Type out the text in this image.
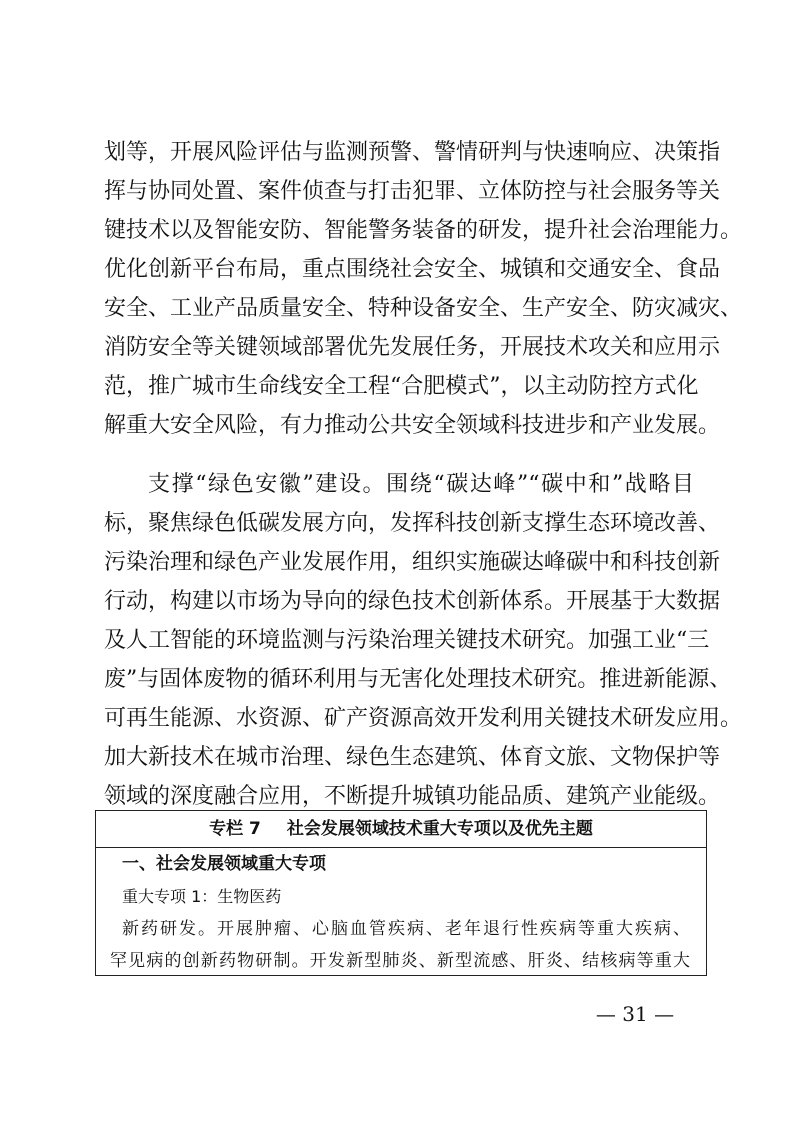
划等，开展风险评估与监测预警、警情研判与快速响应、决策指
挥与协同处置、案件侦查与打击犯罪、立体防控与社会服务等关
键技术以及智能安防、智能警务装备的研发，提升社会治理能力。
优化创新平台布局，重点围绕社会安全、城镇和交通安全、食品
安全、工业产品质量安全、特种设备安全、生产安全、防灾减灾、
消防安全等关键领域部署优先发展任务，开展技术攻关和应用示
范，推广城市生命线安全工程“合肥模式”，以主动防控方式化
解重大安全风险，有力推动公共安全领域科技进步和产业发展。
支撑“绿色安徽”建设。围绕“碳达峰”“碳中和”战略目
标，聚焦绿色低碳发展方向，发挥科技创新支撑生态环境改善、
污染治理和绿色产业发展作用，组织实施碳达峰碳中和科技创新
行动，构建以市场为导向的绿色技术创新体系。开展基于大数据
及人工智能的环境监测与污染治理关键技术研究。加强工业“三
废”与固体废物的循环利用与无害化处理技术研究。推进新能源、
可再生能源、水资源、矿产资源高效开发利用关键技术研发应用。
加大新技术在城市治理、绿色生态建筑、体育文旅、文物保护等
领域的深度融合应用，不断提升城镇功能品质、建筑产业能级。
专栏 7 社会发展领域技术重大专项以及优先主题
一、社会发展领域重大专项
重大专项 1：生物医药
新药研发。开展肿瘤、心脑血管疾病、老年退行性疾病等重大疾病、
罕见病的创新药物研制。开发新型肺炎、新型流感、肝炎、结核病等重大
— 31 —
